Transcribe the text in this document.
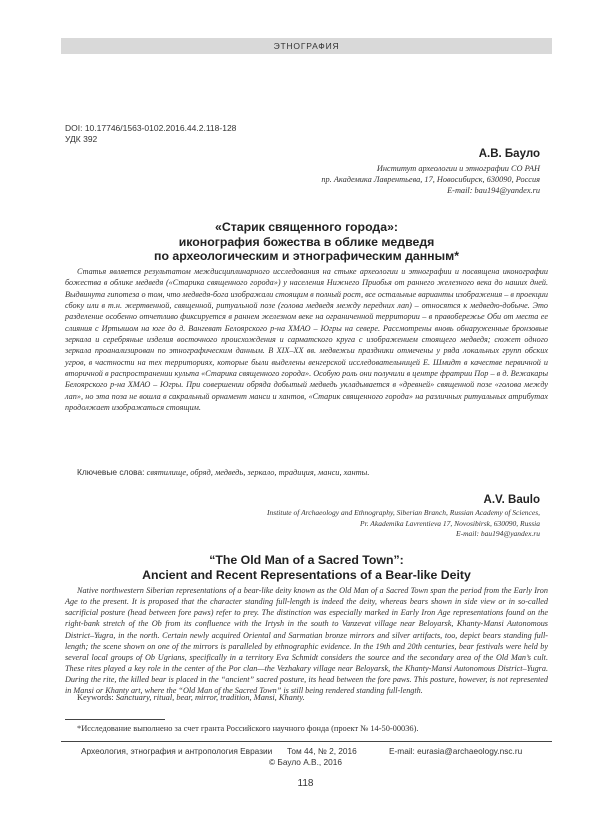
ЭТНОГРАФИЯ
DOI: 10.17746/1563-0102.2016.44.2.118-128
УДК 392
А.В. Бауло
Институт археологии и этнографии СО РАН
пр. Академика Лаврентьева, 17, Новосибирск, 630090, Россия
E-mail: bau194@yandex.ru
«Старик священного города»:
иконография божества в облике медведя
по археологическим и этнографическим данным*

Статья является результатом междисциплинарного исследования на стыке археологии и этнографии и посвящена иконографии божества в облике медведя («Старика священного города») у населения Нижнего Приобья от раннего железного века до наших дней. Выдвинута гипотеза о том, что медведя-бога изображали стоящим в полный рост, все остальные варианты изображения – в проекции сбоку или в т.н. жертвенной, священной, ритуальной позе (голова медведя между передних лап) – относятся к медведю-добыче. Это разделение особенно отчетливо фиксируется в раннем железном веке на ограниченной территории – в правобережье Оби от места ее слияния с Иртышом на юге до д. Вангеват Белоярского р-на ХМАО – Югры на севере. Рассмотрены вновь обнаруженные бронзовые зеркала и серебряные изделия восточного происхождения и сарматского круга с изображением стоящего медведя; сюжет одного зеркала проанализирован по этнографическим данным. В XIX–XX вв. медвежьи праздники отмечены у ряда локальных групп обских угров, в частности на тех территориях, которые были выделены венгерской исследовательницей Е. Шмидт в качестве первичной и вторичной в распространении культа «Старика священного города». Особую роль они получили в центре фратрии Пор – в д. Вежакары Белоярского р-на ХМАО – Югры. При совершении обряда добытый медведь укладывается в «древней» священной позе «голова между лап», но эта поза не вошла в сакральный орнамент манси и хантов, «Старик священного города» на различных ритуальных атрибутах продолжает изображаться стоящим.

Ключевые слова: святилище, обряд, медведь, зеркало, традиция, манси, ханты.
A.V. Baulo
Institute of Archaeology and Ethnography, Siberian Branch, Russian Academy of Sciences,
Pr. Akademika Lavrentieva 17, Novosibirsk, 630090, Russia
E-mail: bau194@yandex.ru
“The Old Man of a Sacred Town”:
Ancient and Recent Representations of a Bear-like Deity

Native northwestern Siberian representations of a bear-like deity known as the Old Man of a Sacred Town span the period from the Early Iron Age to the present. It is proposed that the character standing full-length is indeed the deity, whereas bears shown in side view or in so-called sacrificial posture (head between fore paws) refer to prey. The distinction was especially marked in Early Iron Age representations found on the right-bank stretch of the Ob from its confluence with the Irtysh in the south to Vanzevat village near Beloyarsk, Khanty-Mansi Autonomous District–Yugra, in the north. Certain newly acquired Oriental and Sarmatian bronze mirrors and silver artifacts, too, depict bears standing full-length; the scene shown on one of the mirrors is paralleled by ethnographic evidence. In the 19th and 20th centuries, bear festivals were held by several local groups of Ob Ugrians, specifically in a territory Eva Schmidt considers the source and the secondary area of the Old Man’s cult. These rites played a key role in the center of the Por clan—the Vezhakary village near Beloyarsk, the Khanty-Mansi Autonomous District–Yugra. During the rite, the killed bear is placed in the “ancient” sacred posture, its head between the fore paws. This posture, however, is not represented in Mansi or Khanty art, where the “Old Man of the Sacred Town” is still being rendered standing full-length.

Keywords: Sanctuary, ritual, bear, mirror, tradition, Mansi, Khanty.
*Исследование выполнено за счет гранта Российского научного фонда (проект № 14-50-00036).
Археология, этнография и антропология Евразии Том 44, № 2, 2016	E-mail: eurasia@archaeology.nsc.ru
© Бауло А.В., 2016
118
